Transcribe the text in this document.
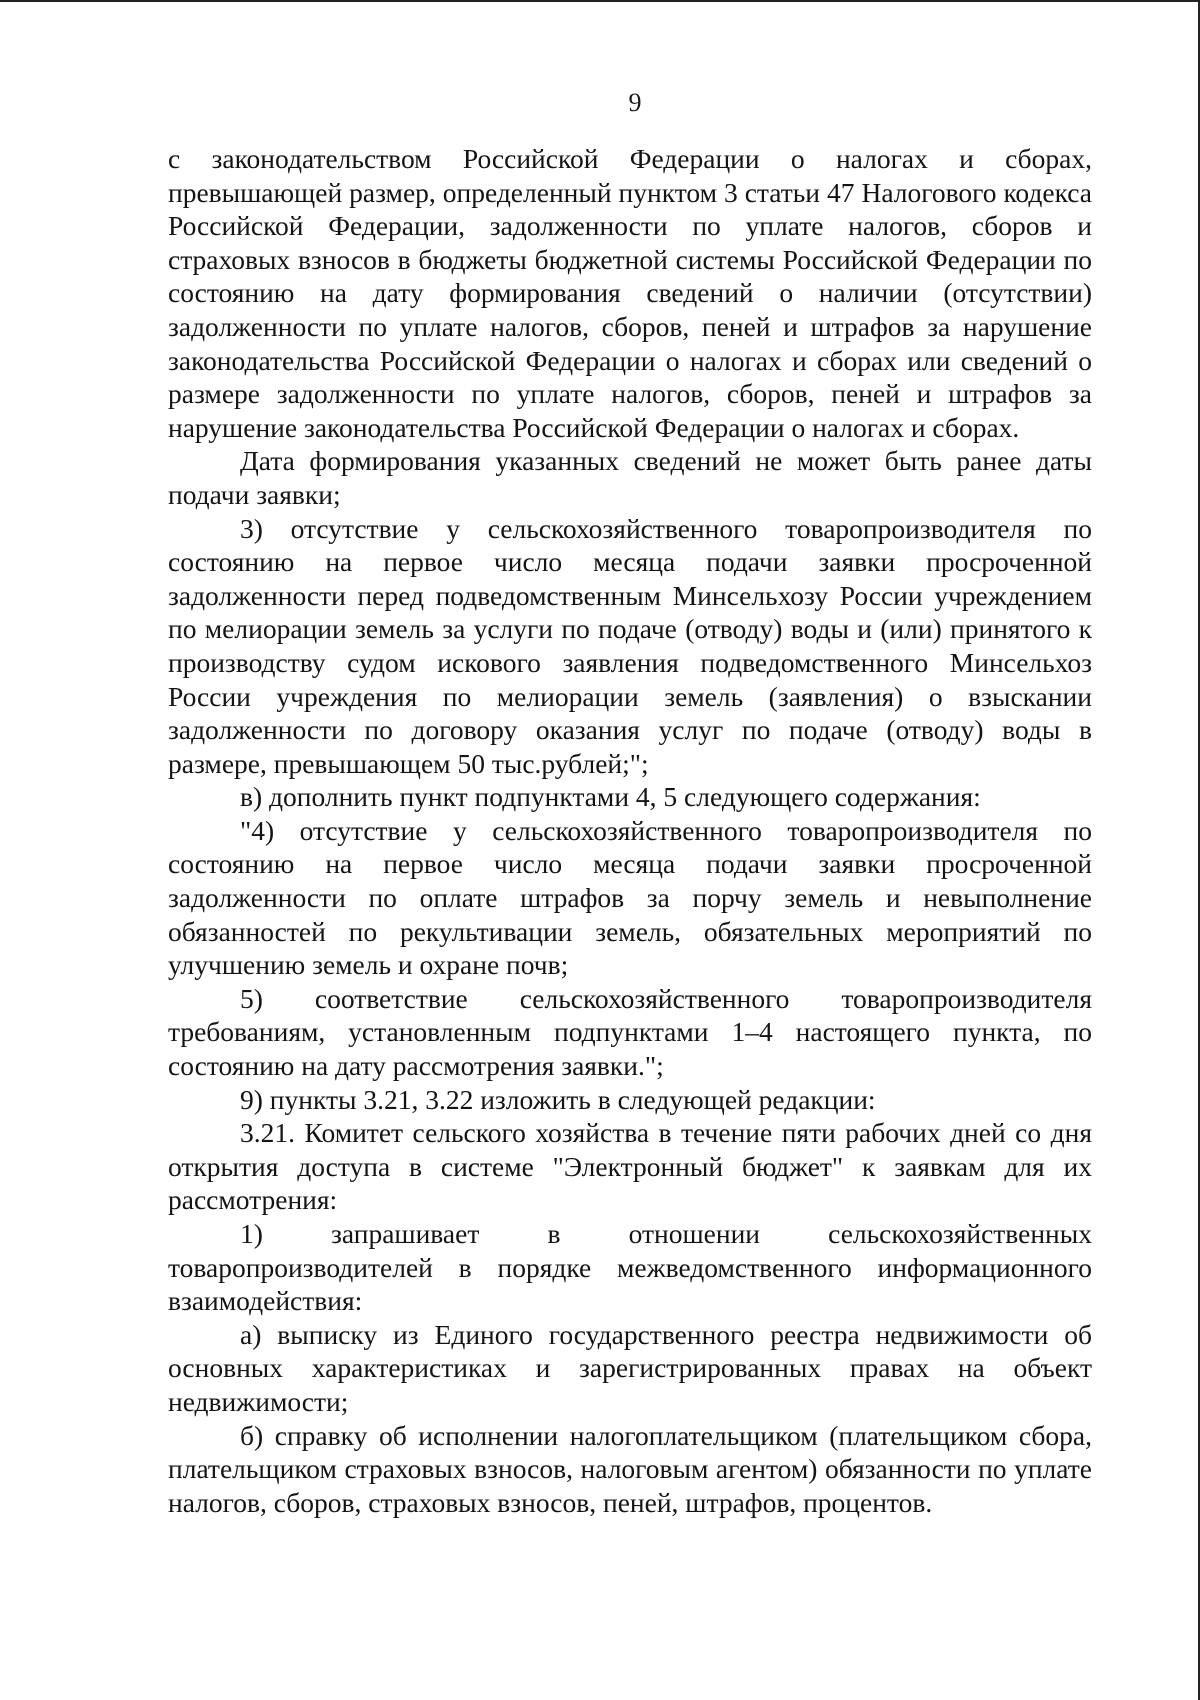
9

с законодательством Российской Федерации о налогах и сборах, превышающей размер, определенный пунктом 3 статьи 47 Налогового кодекса Российской Федерации, задолженности по уплате налогов, сборов и страховых взносов в бюджеты бюджетной системы Российской Федерации по состоянию на дату формирования сведений о наличии (отсутствии) задолженности по уплате налогов, сборов, пеней и штрафов за нарушение законодательства Российской Федерации о налогах и сборах или сведений о размере задолженности по уплате налогов, сборов, пеней и штрафов за нарушение законодательства Российской Федерации о налогах и сборах.

Дата формирования указанных сведений не может быть ранее даты подачи заявки;

3) отсутствие у сельскохозяйственного товаропроизводителя по состоянию на первое число месяца подачи заявки просроченной задолженности перед подведомственным Минсельхозу России учреждением по мелиорации земель за услуги по подаче (отводу) воды и (или) принятого к производству судом искового заявления подведомственного Минсельхоз России учреждения по мелиорации земель (заявления) о взыскании задолженности по договору оказания услуг по подаче (отводу) воды в размере, превышающем 50 тыс.рублей;";

в) дополнить пункт подпунктами 4, 5 следующего содержания:

"4) отсутствие у сельскохозяйственного товаропроизводителя по состоянию на первое число месяца подачи заявки просроченной задолженности по оплате штрафов за порчу земель и невыполнение обязанностей по рекультивации земель, обязательных мероприятий по улучшению земель и охране почв;

5) соответствие сельскохозяйственного товаропроизводителя требованиям, установленным подпунктами 1–4 настоящего пункта, по состоянию на дату рассмотрения заявки.";

9) пункты 3.21, 3.22 изложить в следующей редакции:

3.21. Комитет сельского хозяйства в течение пяти рабочих дней со дня открытия доступа в системе "Электронный бюджет" к заявкам для их рассмотрения:

1) запрашивает в отношении сельскохозяйственных товаропроизводителей в порядке межведомственного информационного взаимодействия:

а) выписку из Единого государственного реестра недвижимости об основных характеристиках и зарегистрированных правах на объект недвижимости;

б) справку об исполнении налогоплательщиком (плательщиком сбора, плательщиком страховых взносов, налоговым агентом) обязанности по уплате налогов, сборов, страховых взносов, пеней, штрафов, процентов.
